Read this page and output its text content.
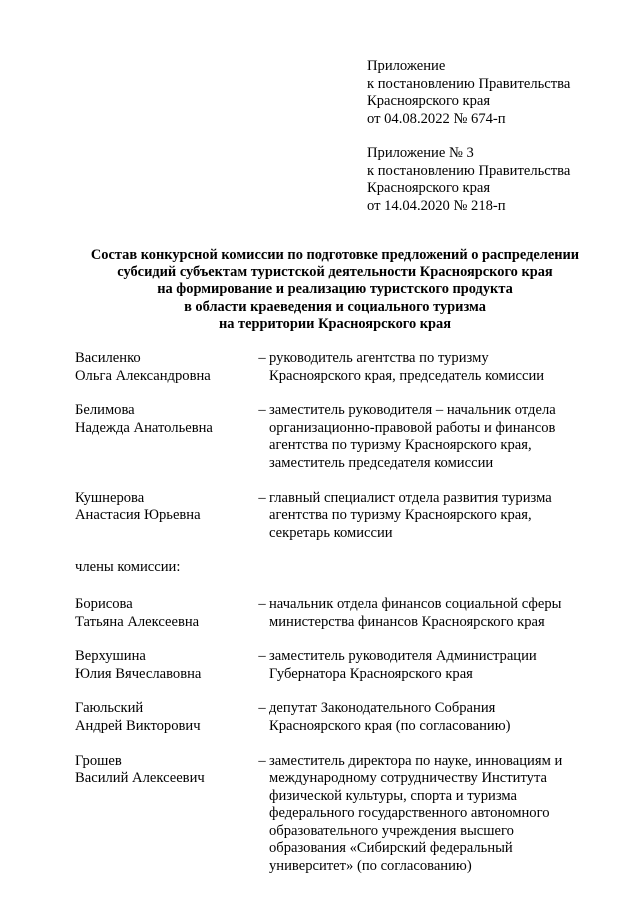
Приложение
к постановлению Правительства
Красноярского края
от 04.08.2022 № 674-п
Приложение № 3
к постановлению Правительства
Красноярского края
от 14.04.2020 № 218-п
Состав конкурсной комиссии по подготовке предложений о распределении
субсидий субъектам туристской деятельности Красноярского края
на формирование и реализацию туристского продукта
в области краеведения и социального туризма
на территории Красноярского края
Василенко
Ольга Александровна
– руководитель агентства по туризму
Красноярского края, председатель комиссии
Белимова
Надежда Анатольевна
– заместитель руководителя – начальник отдела
организационно-правовой работы и финансов
агентства по туризму Красноярского края,
заместитель председателя комиссии
Кушнерова
Анастасия Юрьевна
– главный специалист отдела развития туризма
агентства по туризму Красноярского края,
секретарь комиссии
члены комиссии:
Борисова
Татьяна Алексеевна
– начальник отдела финансов социальной сферы
министерства финансов Красноярского края
Верхушина
Юлия Вячеславовна
– заместитель руководителя Администрации
Губернатора Красноярского края
Гаюльский
Андрей Викторович
– депутат Законодательного Собрания
Красноярского края (по согласованию)
Грошев
Василий Алексеевич
– заместитель директора по науке, инновациям и
международному сотрудничеству Института
физической культуры, спорта и туризма
федерального государственного автономного
образовательного учреждения высшего
образования «Сибирский федеральный
университет» (по согласованию)
